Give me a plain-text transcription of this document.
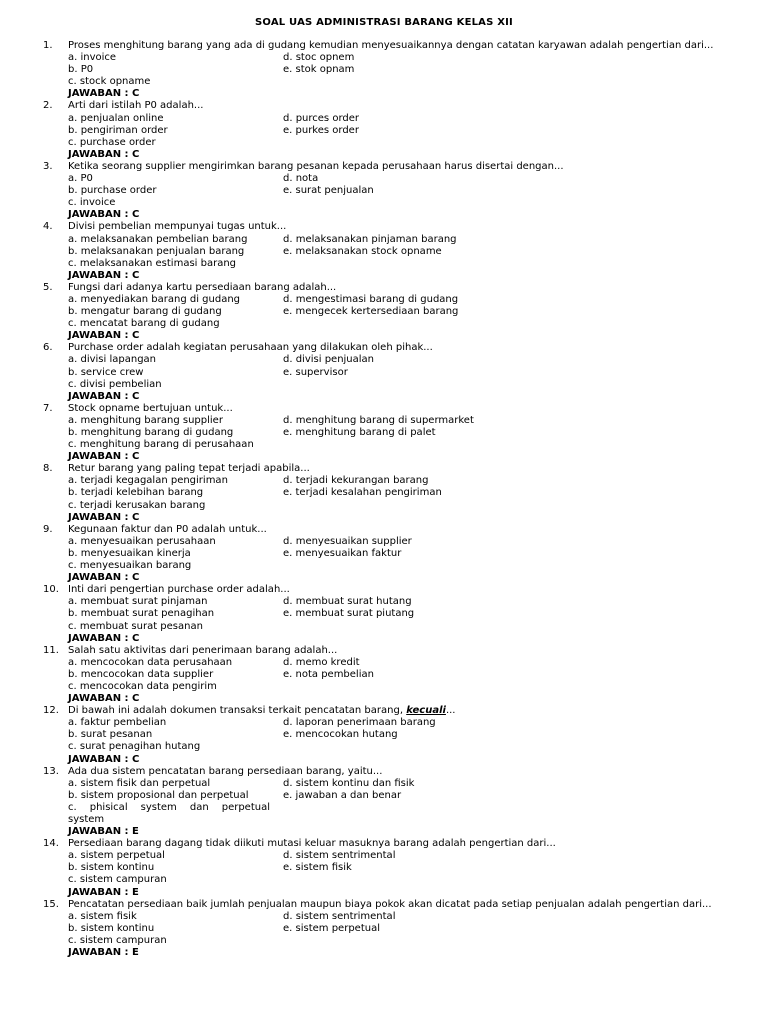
SOAL UAS ADMINISTRASI BARANG KELAS XII
1.	Proses menghitung barang yang ada di gudang kemudian menyesuaikannya dengan catatan karyawan adalah pengertian dari...
a. invoice	d. stoc opnem
b. P0	e. stok opnam
c. stock opname
JAWABAN : C
2.	Arti dari istilah P0 adalah...
a. penjualan online	d. purces order
b. pengiriman order	e. purkes order
c. purchase order
JAWABAN : C
3.	Ketika seorang supplier mengirimkan barang pesanan kepada perusahaan harus disertai dengan...
a. P0	d. nota
b. purchase order	e. surat penjualan
c. invoice
JAWABAN : C
4.	Divisi pembelian mempunyai tugas untuk...
a. melaksanakan pembelian barang	d. melaksanakan pinjaman barang
b. melaksanakan penjualan barang	e. melaksanakan stock opname
c. melaksanakan estimasi barang
JAWABAN : C
5.	Fungsi dari adanya kartu persediaan barang adalah...
a. menyediakan barang di gudang	d. mengestimasi barang di gudang
b. mengatur barang di gudang	e. mengecek kertersediaan barang
c. mencatat barang di gudang
JAWABAN : C
6.	Purchase order adalah kegiatan perusahaan yang dilakukan oleh pihak...
a. divisi lapangan	d. divisi penjualan
b. service crew	e. supervisor
c. divisi pembelian
JAWABAN : C
7.	Stock opname bertujuan untuk...
a. menghitung barang supplier	d. menghitung barang di supermarket
b. menghitung barang di gudang	e. menghitung barang di palet
c. menghitung barang di perusahaan
JAWABAN : C
8.	Retur barang yang paling tepat terjadi apabila...
a. terjadi kegagalan pengiriman	d. terjadi kekurangan barang
b. terjadi kelebihan barang	e. terjadi kesalahan pengiriman
c. terjadi kerusakan barang
JAWABAN : C
9.	Kegunaan faktur dan P0 adalah untuk...
a. menyesuaikan perusahaan	d. menyesuaikan supplier
b. menyesuaikan kinerja	e. menyesuaikan faktur
c. menyesuaikan barang
JAWABAN : C
10. Inti dari pengertian purchase order adalah...
a. membuat surat pinjaman	d. membuat surat hutang
b. membuat surat penagihan	e. membuat surat piutang
c. membuat surat pesanan
JAWABAN : C
11. Salah satu aktivitas dari penerimaan barang adalah...
a. mencocokan data perusahaan	d. memo kredit
b. mencocokan data supplier	e. nota pembelian
c. mencocokan data pengirim
JAWABAN : C
12. Di bawah ini adalah dokumen transaksi terkait pencatatan barang, kecuali...
a. faktur pembelian	d. laporan penerimaan barang
b. surat pesanan	e. mencocokan hutang
c. surat penagihan hutang
JAWABAN : C
13. Ada dua sistem pencatatan barang persediaan barang, yaitu...
a. sistem fisik dan perpetual	d. sistem kontinu dan fisik
b. sistem proposional dan perpetual	e. jawaban a dan benar
c. phisical system dan perpetual
system
JAWABAN : E
14. Persediaan barang dagang tidak diikuti mutasi keluar masuknya barang adalah pengertian dari...
a. sistem perpetual	d. sistem sentrimental
b. sistem kontinu	e. sistem fisik
c. sistem campuran
JAWABAN : E
15. Pencatatan persediaan baik jumlah penjualan maupun biaya pokok akan dicatat pada setiap penjualan adalah pengertian dari...
a. sistem fisik	d. sistem sentrimental
b. sistem kontinu	e. sistem perpetual
c. sistem campuran
JAWABAN : E
